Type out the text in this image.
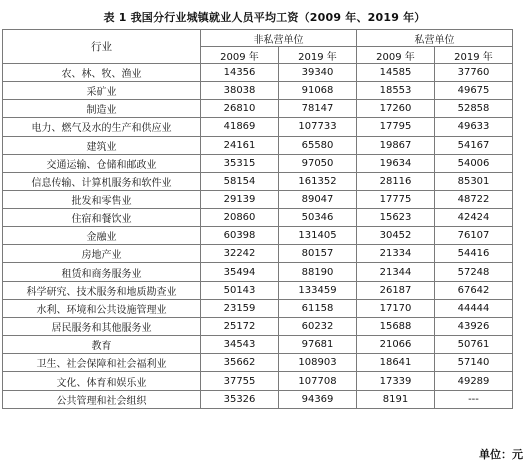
表 1 我国分行业城镇就业人员平均工资（2009 年、2019 年）
行业	非私营单位		私营单位	
	2009 年	2019 年	2009 年	2019 年
农、林、牧、渔业	14356	39340	14585	37760
采矿业	38038	91068	18553	49675
制造业	26810	78147	17260	52858
电力、燃气及水的生产和供应业	41869	107733	17795	49633
建筑业	24161	65580	19867	54167
交通运输、仓储和邮政业	35315	97050	19634	54006
信息传输、计算机服务和软件业	58154	161352	28116	85301
批发和零售业	29139	89047	17775	48722
住宿和餐饮业	20860	50346	15623	42424
金融业	60398	131405	30452	76107
房地产业	32242	80157	21334	54416
租赁和商务服务业	35494	88190	21344	57248
科学研究、技术服务和地质勘查业	50143	133459	26187	67642
水利、环境和公共设施管理业	23159	61158	17170	44444
居民服务和其他服务业	25172	60232	15688	43926
教育	34543	97681	21066	50761
卫生、社会保障和社会福利业	35662	108903	18641	57140
文化、体育和娱乐业	37755	107708	17339	49289
公共管理和社会组织	35326	94369	8191	---
单位：元
